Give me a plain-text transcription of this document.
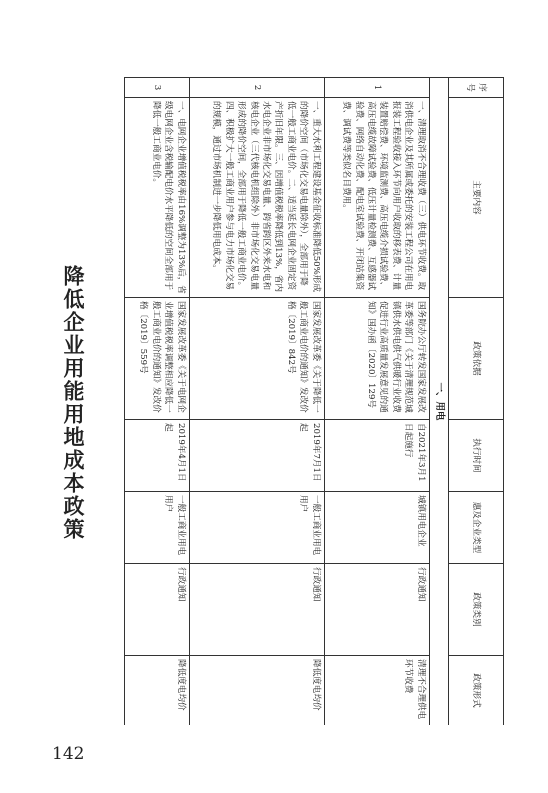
142
降低企业用能用地成本政策
序号	主要内容	政策依据	执行时间	惠及企业类型	政策类别	政策形式
一、用电						
1	一、清理取消不合理收费（三）供电环节收费。取消供电企业及其所属或委托的安装工程公司在用电报装工程验收接入环节向用户收取的移表费、计量装置赔偿费、环境监测费、高压电缆介损试验费、高压电缆故障试验费、低压计量检测费、互感器试验费、网络自动化费、配电室试验费、开闭站集资费、调试费等类似名目费用。	国务院办公厅转发国家发展改革委等部门《关于清理规范城镇供水供电供气供暖行业收费促进行业高质量发展意见的通知》国办函〔2020〕129号	自2021年3月1日起施行	城镇用电企业	行政通知	清理不合理供电环节收费
2	一、重大水利工程建设基金征收标准降低50%形成的降价空间（市场化交易电量除外），全部用于降低一般工商业电价。二、适当延长电网企业固定资产折旧年限。三、因增值税税率降低到13%，省内水电企业非市场化交易电量、跨省跨区外来水电和核电企业（三代核电机组除外）非市场化交易电量形成的降价空间，全部用于降低一般工商业电价。四、积极扩大一般工商业用户参与电力市场化交易的规模，通过市场机制进一步降低用电成本。	国家发展改革委《关于降低一般工商业电价的通知》发改价格〔2019〕842号	2019年7月1日起	一般工商业用电用户	行政通知	降低度电均价
3	一、电网企业增值税税率由16%调整为13%后，省级电网企业含税输配电价水平降低的空间全部用于降低一般工商业电价。	国家发展改革委《关于电网企业增值税税率调整相应降低一般工商业电价的通知》发改价格〔2019〕559号	2019年4月1日起	一般工商业用电用户	行政通知	降低度电均价
